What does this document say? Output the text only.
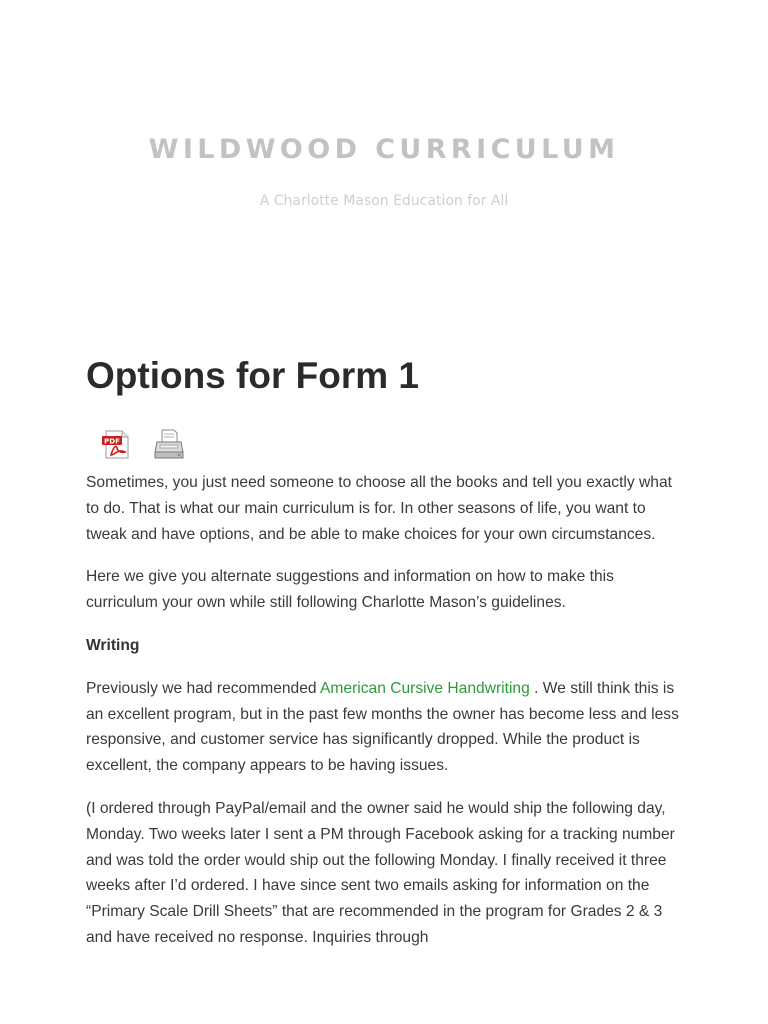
WILDWOOD CURRICULUM
A Charlotte Mason Education for All
Options for Form 1
PDF

Sometimes, you just need someone to choose all the books and tell you exactly what to do. That is what our main curriculum is for. In other seasons of life, you want to tweak and have options, and be able to make choices for your own circumstances.

Here we give you alternate suggestions and information on how to make this curriculum your own while still following Charlotte Mason’s guidelines.

Writing

Previously we had recommended American Cursive Handwriting . We still think this is an excellent program, but in the past few months the owner has become less and less responsive, and customer service has significantly dropped. While the product is excellent, the company appears to be having issues.

(I ordered through PayPal/email and the owner said he would ship the following day, Monday. Two weeks later I sent a PM through Facebook asking for a tracking number and was told the order would ship out the following Monday. I finally received it three weeks after I’d ordered. I have since sent two emails asking for information on the “Primary Scale Drill Sheets” that are recommended in the program for Grades 2 & 3 and have received no response. Inquiries through
